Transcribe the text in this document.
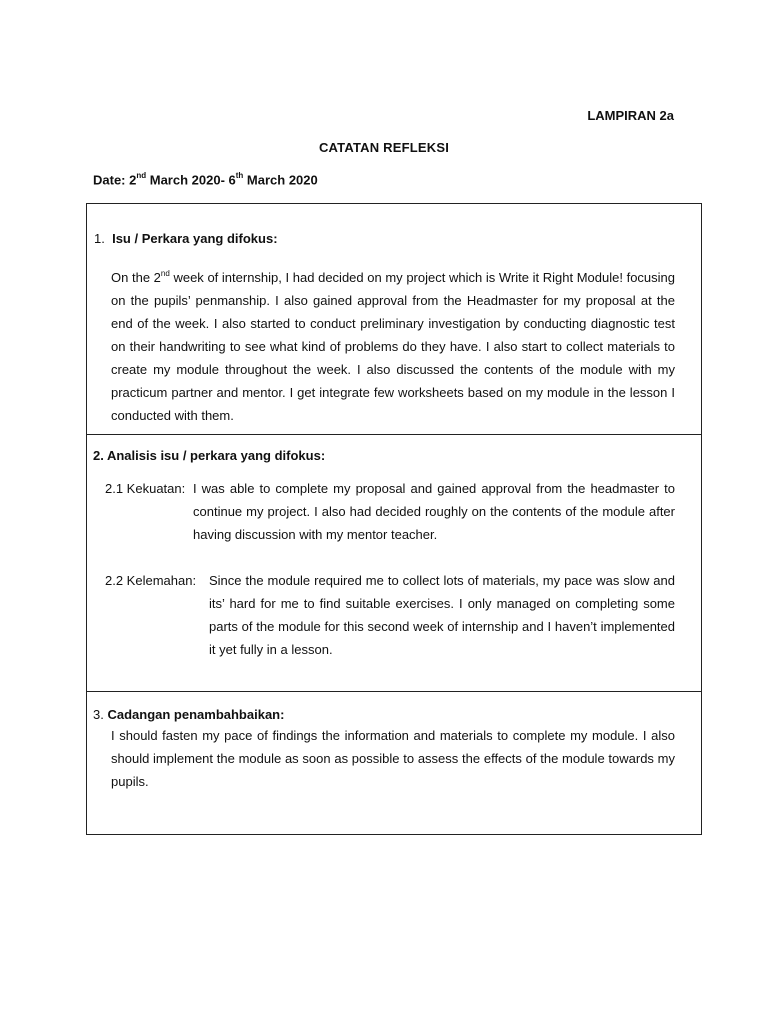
LAMPIRAN 2a
CATATAN REFLEKSI
Date: 2nd March 2020- 6th March 2020
1. Isu / Perkara yang difokus:
On the 2nd week of internship, I had decided on my project which is Write it Right Module! focusing on the pupils’ penmanship. I also gained approval from the Headmaster for my proposal at the end of the week. I also started to conduct preliminary investigation by conducting diagnostic test on their handwriting to see what kind of problems do they have. I also start to collect materials to create my module throughout the week. I also discussed the contents of the module with my practicum partner and mentor. I get integrate few worksheets based on my module in the lesson I conducted with them.
2. Analisis isu / perkara yang difokus:
2.1 Kekuatan: I was able to complete my proposal and gained approval from the headmaster to continue my project. I also had decided roughly on the contents of the module after having discussion with my mentor teacher.
2.2 Kelemahan: Since the module required me to collect lots of materials, my pace was slow and its’ hard for me to find suitable exercises. I only managed on completing some parts of the module for this second week of internship and I haven’t implemented it yet fully in a lesson.
3. Cadangan penambahbaikan:
I should fasten my pace of findings the information and materials to complete my module. I also should implement the module as soon as possible to assess the effects of the module towards my pupils.
